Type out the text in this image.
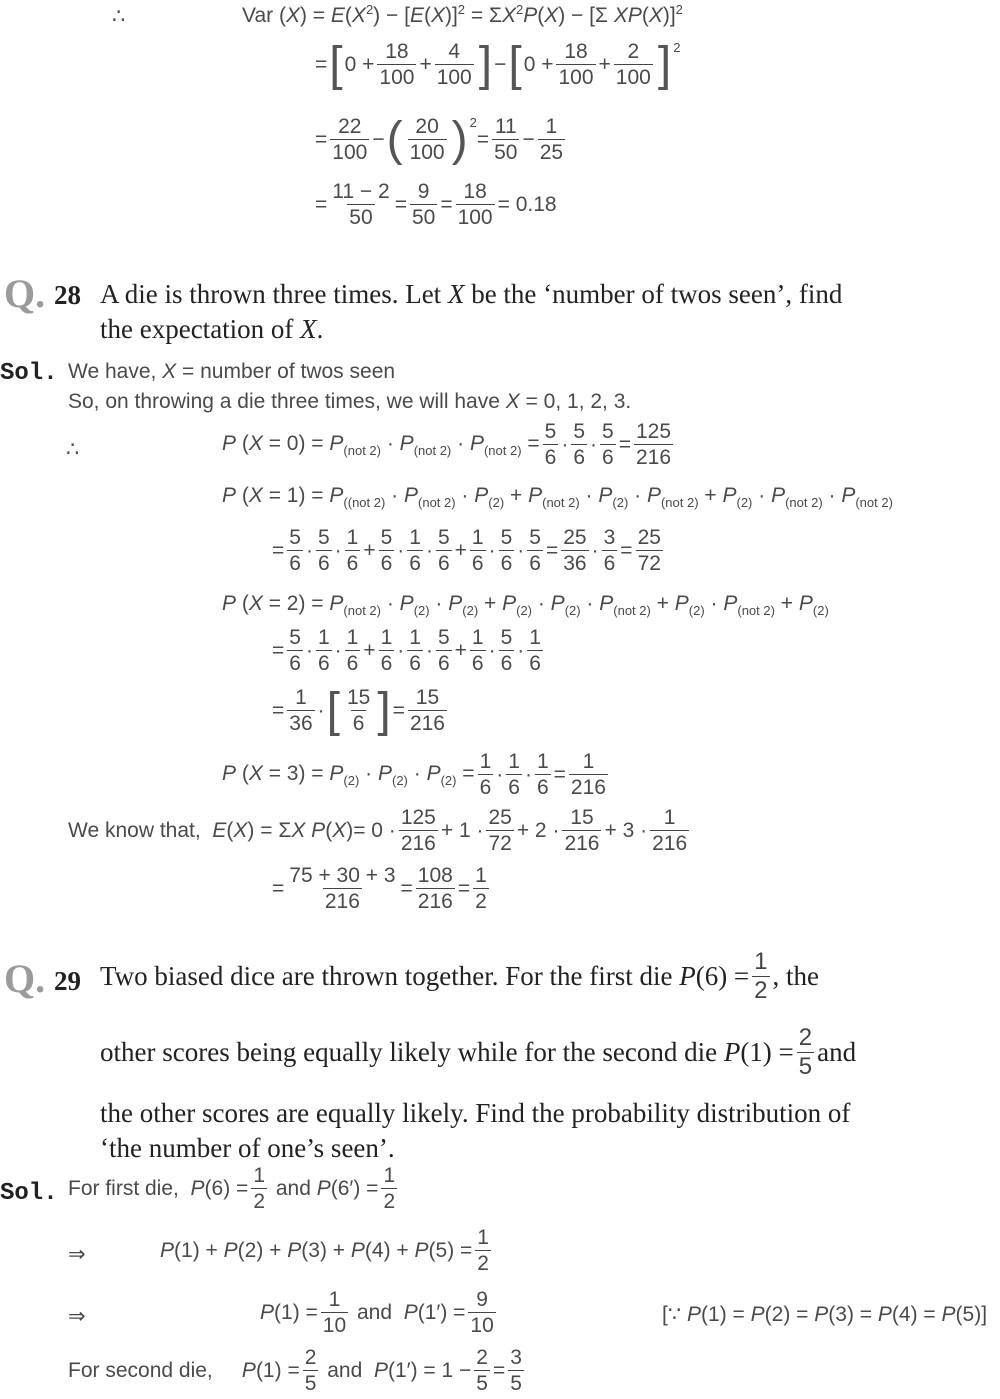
∴	Var $(X) = E(X^2) - [E(X)]^2 = \Sigma X^2P(X) - [\Sigma$ XP(X)]$^2$
= [ $0 + \frac{18}{100} + \frac{4}{100}$ ] − [ $0 + \frac{18}{100} + \frac{2}{100} ]^2$
= $\frac{22}{100}$ − ( $\frac{20}{100} )^2$
= $\frac{11}{50} - \frac{1}{25}$
= $\frac{11 - 2}{50} = \frac{9}{50} = \frac{18}{100} = 0.18$
Q. 28 A die is thrown three times. Let X be the ‘number of twos seen’, find
the expectation of X.
Sol. We have, X = number of twos seen
So, on throwing a die three times, we will have X = 0, 1, 2, 3.
∴	P $(X = 0) = P_{(not 2)} \cdot P_{(not 2)} \cdot P_{(not 2)} = \frac{5}{6} \cdot \frac{5}{6} \cdot \frac{5}{6} = \frac{125}{216}$
P $(X = 1) = P_{((not 2)} \cdot P_{(not 2)} \cdot P_{(2)} + P_{(not 2)} \cdot P_{(2)} \cdot P_{(not 2)} + P_{(2)} \cdot P_{(not 2)} \cdot P_{(not 2)}$
= $\frac{5}{6} \cdot \frac{5}{6} \cdot \frac{1}{6} + \frac{5}{6} \cdot \frac{1}{6} \cdot \frac{5}{6} + \frac{1}{6} \cdot \frac{5}{6} \cdot \frac{5}{6} = \frac{25}{36} \cdot \frac{3}{6} = \frac{25}{72}$
P $(X = 2) = P_{(not 2)} \cdot P_{(2)} \cdot P_{(2)} + P_{(2)} \cdot P_{(2)} \cdot P_{(not 2)} + P_{(2)} \cdot P_{(not 2)} + P_{(2)}$
= $\frac{5}{6} \cdot \frac{1}{6} \cdot \frac{1}{6} + \frac{1}{6} \cdot \frac{1}{6} \cdot \frac{5}{6} + \frac{1}{6} \cdot \frac{5}{6} \cdot \frac{1}{6}$
= $\frac{1}{36}$ · [ $\frac{15}{6}$ ] = $\frac{15}{216}$
P $(X = 3) = P_{(2)} \cdot P_{(2)} \cdot P_{(2)} = \frac{1}{6} \cdot \frac{1}{6} \cdot \frac{1}{6} = \frac{1}{216}$
We know that,  E(X) = ΣX $P(X)= 0 \cdot \frac{125}{216} + 1 \cdot \frac{25}{72} + 2 \cdot \frac{15}{216} + 3 \cdot \frac{1}{216}$
= $\frac{75 + 30 + 3}{216} = \frac{108}{216} = \frac{1}{2}$
Q. 29 Two biased dice are thrown together. For the first die $P(6) = \frac{1}{2}$ , the
other scores being equally likely while for the second die $P(1) = \frac{2}{5}$ and
the other scores are equally likely. Find the probability distribution of
‘the number of one’s seen’.
Sol. For first die,  $P(6) = \frac{1}{2}$ and $P(6') = \frac{1}{2}$
⇒	$P(1) + P(2) + P(3) + P(4) + P(5) = \frac{1}{2}$
⇒	$P(1) = \frac{1}{10}$ and  $P(1') = \frac{9}{10}$	[∵ P(1) = P(2) = P(3) = P(4) = P(5)]
For second die,     $P(1) = \frac{2}{5}$ and  $P(1') = 1 - \frac{2}{5} = \frac{3}{5}$
